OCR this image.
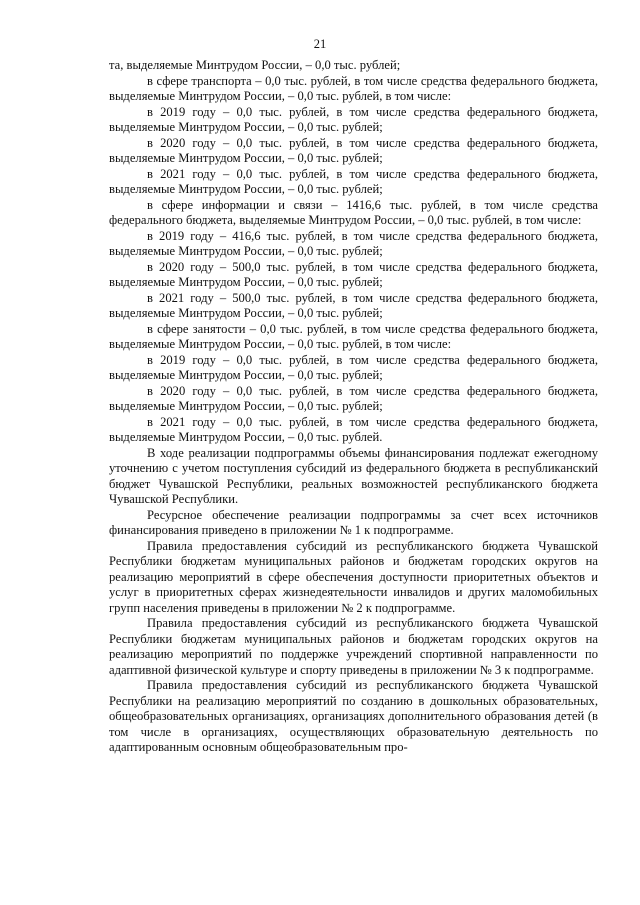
21

та, выделяемые Минтрудом России, – 0,0 тыс. рублей;

в сфере транспорта – 0,0 тыс. рублей, в том числе средства федерального бюджета, выделяемые Минтрудом России, – 0,0 тыс. рублей, в том числе:

в 2019 году – 0,0 тыс. рублей, в том числе средства федерального бюджета, выделяемые Минтрудом России, – 0,0 тыс. рублей;

в 2020 году – 0,0 тыс. рублей, в том числе средства федерального бюджета, выделяемые Минтрудом России, – 0,0 тыс. рублей;

в 2021 году – 0,0 тыс. рублей, в том числе средства федерального бюджета, выделяемые Минтрудом России, – 0,0 тыс. рублей;

в сфере информации и связи – 1416,6 тыс. рублей, в том числе средства федерального бюджета, выделяемые Минтрудом России, – 0,0 тыс. рублей, в том числе:

в 2019 году – 416,6 тыс. рублей, в том числе средства федерального бюджета, выделяемые Минтрудом России, – 0,0 тыс. рублей;

в 2020 году – 500,0 тыс. рублей, в том числе средства федерального бюджета, выделяемые Минтрудом России, – 0,0 тыс. рублей;

в 2021 году – 500,0 тыс. рублей, в том числе средства федерального бюджета, выделяемые Минтрудом России, – 0,0 тыс. рублей;

в сфере занятости – 0,0 тыс. рублей, в том числе средства федерального бюджета, выделяемые Минтрудом России, – 0,0 тыс. рублей, в том числе:

в 2019 году – 0,0 тыс. рублей, в том числе средства федерального бюджета, выделяемые Минтрудом России, – 0,0 тыс. рублей;

в 2020 году – 0,0 тыс. рублей, в том числе средства федерального бюджета, выделяемые Минтрудом России, – 0,0 тыс. рублей;

в 2021 году – 0,0 тыс. рублей, в том числе средства федерального бюджета, выделяемые Минтрудом России, – 0,0 тыс. рублей.

В ходе реализации подпрограммы объемы финансирования подлежат ежегодному уточнению с учетом поступления субсидий из федерального бюджета в республиканский бюджет Чувашской Республики, реальных возможностей республиканского бюджета Чувашской Республики.

Ресурсное обеспечение реализации подпрограммы за счет всех источников финансирования приведено в приложении № 1 к подпрограмме.

Правила предоставления субсидий из республиканского бюджета Чувашской Республики бюджетам муниципальных районов и бюджетам городских округов на реализацию мероприятий в сфере обеспечения доступности приоритетных объектов и услуг в приоритетных сферах жизнедеятельности инвалидов и других маломобильных групп населения приведены в приложении № 2 к подпрограмме.

Правила предоставления субсидий из республиканского бюджета Чувашской Республики бюджетам муниципальных районов и бюджетам городских округов на реализацию мероприятий по поддержке учреждений спортивной направленности по адаптивной физической культуре и спорту приведены в приложении № 3 к подпрограмме.

Правила предоставления субсидий из республиканского бюджета Чувашской Республики на реализацию мероприятий по созданию в дошкольных образовательных, общеобразовательных организациях, организациях дополнительного образования детей (в том числе в организациях, осуществляющих образовательную деятельность по адаптированным основным общеобразовательным про-
